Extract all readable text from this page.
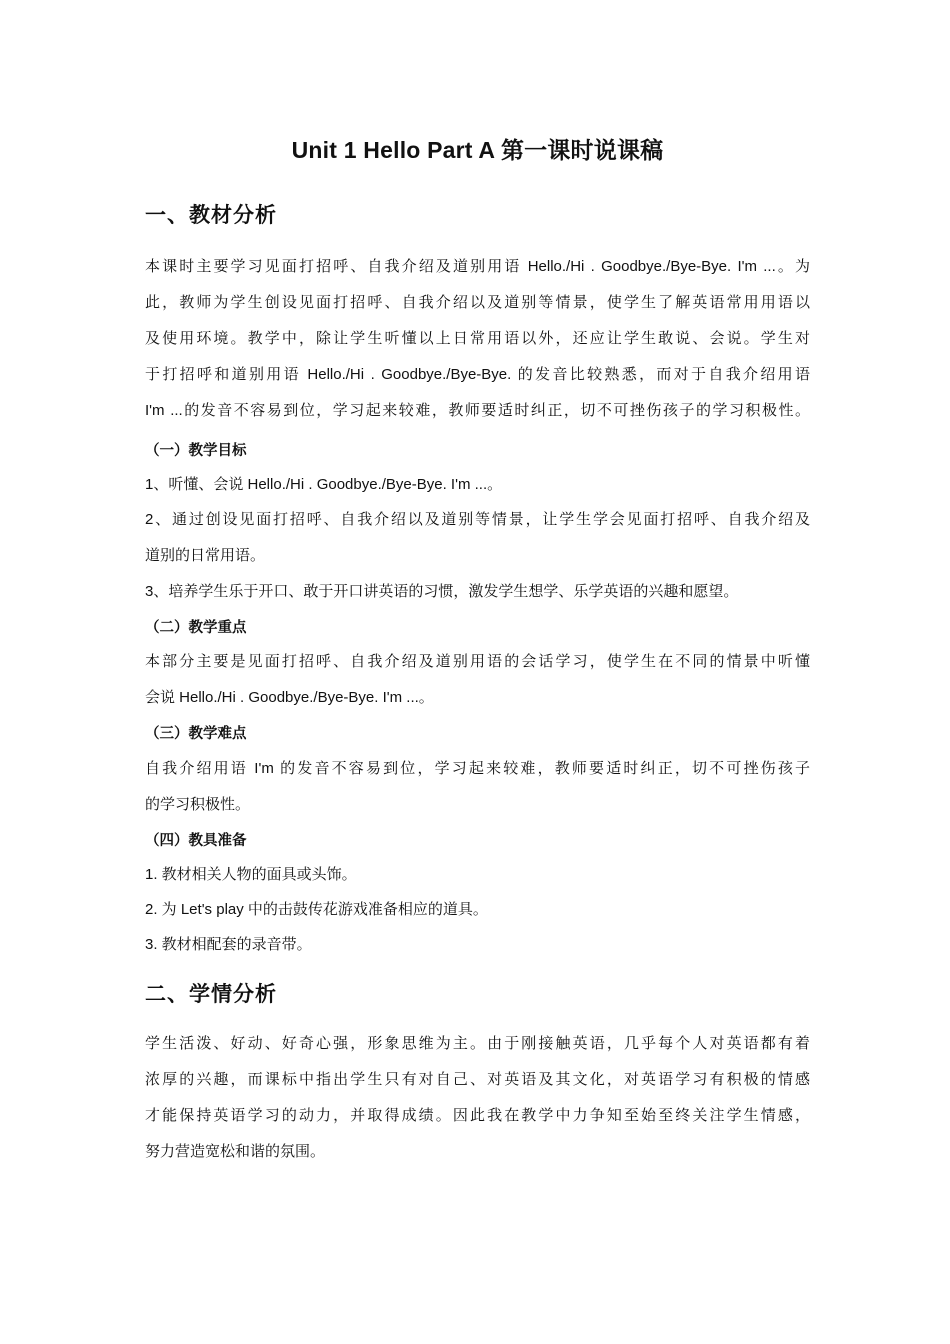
Unit 1 Hello Part A 第一课时说课稿
一、教材分析
本课时主要学习见面打招呼、自我介绍及道别用语 Hello./Hi . Goodbye./Bye-Bye. I'm ...。为
此，教师为学生创设见面打招呼、自我介绍以及道别等情景，使学生了解英语常用用语以
及使用环境。教学中，除让学生听懂以上日常用语以外，还应让学生敢说、会说。学生对
于打招呼和道别用语 Hello./Hi . Goodbye./Bye-Bye. 的发音比较熟悉，而对于自我介绍用语
I'm ...的发音不容易到位，学习起来较难，教师要适时纠正，切不可挫伤孩子的学习积极性。
（一）教学目标
1、听懂、会说 Hello./Hi . Goodbye./Bye-Bye. I'm ...。
2、通过创设见面打招呼、自我介绍以及道别等情景，让学生学会见面打招呼、自我介绍及
道别的日常用语。
3、培养学生乐于开口、敢于开口讲英语的习惯，激发学生想学、乐学英语的兴趣和愿望。
（二）教学重点
本部分主要是见面打招呼、自我介绍及道别用语的会话学习，使学生在不同的情景中听懂
会说 Hello./Hi . Goodbye./Bye-Bye. I'm ...。
（三）教学难点
自我介绍用语 I'm 的发音不容易到位，学习起来较难，教师要适时纠正，切不可挫伤孩子
的学习积极性。
（四）教具准备
1. 教材相关人物的面具或头饰。
2. 为 Let's play 中的击鼓传花游戏准备相应的道具。
3. 教材相配套的录音带。
二、学情分析
学生活泼、好动、好奇心强，形象思维为主。由于刚接触英语，几乎每个人对英语都有着
浓厚的兴趣，而课标中指出学生只有对自己、对英语及其文化，对英语学习有积极的情感
才能保持英语学习的动力，并取得成绩。因此我在教学中力争知至始至终关注学生情感，
努力营造宽松和谐的氛围。
